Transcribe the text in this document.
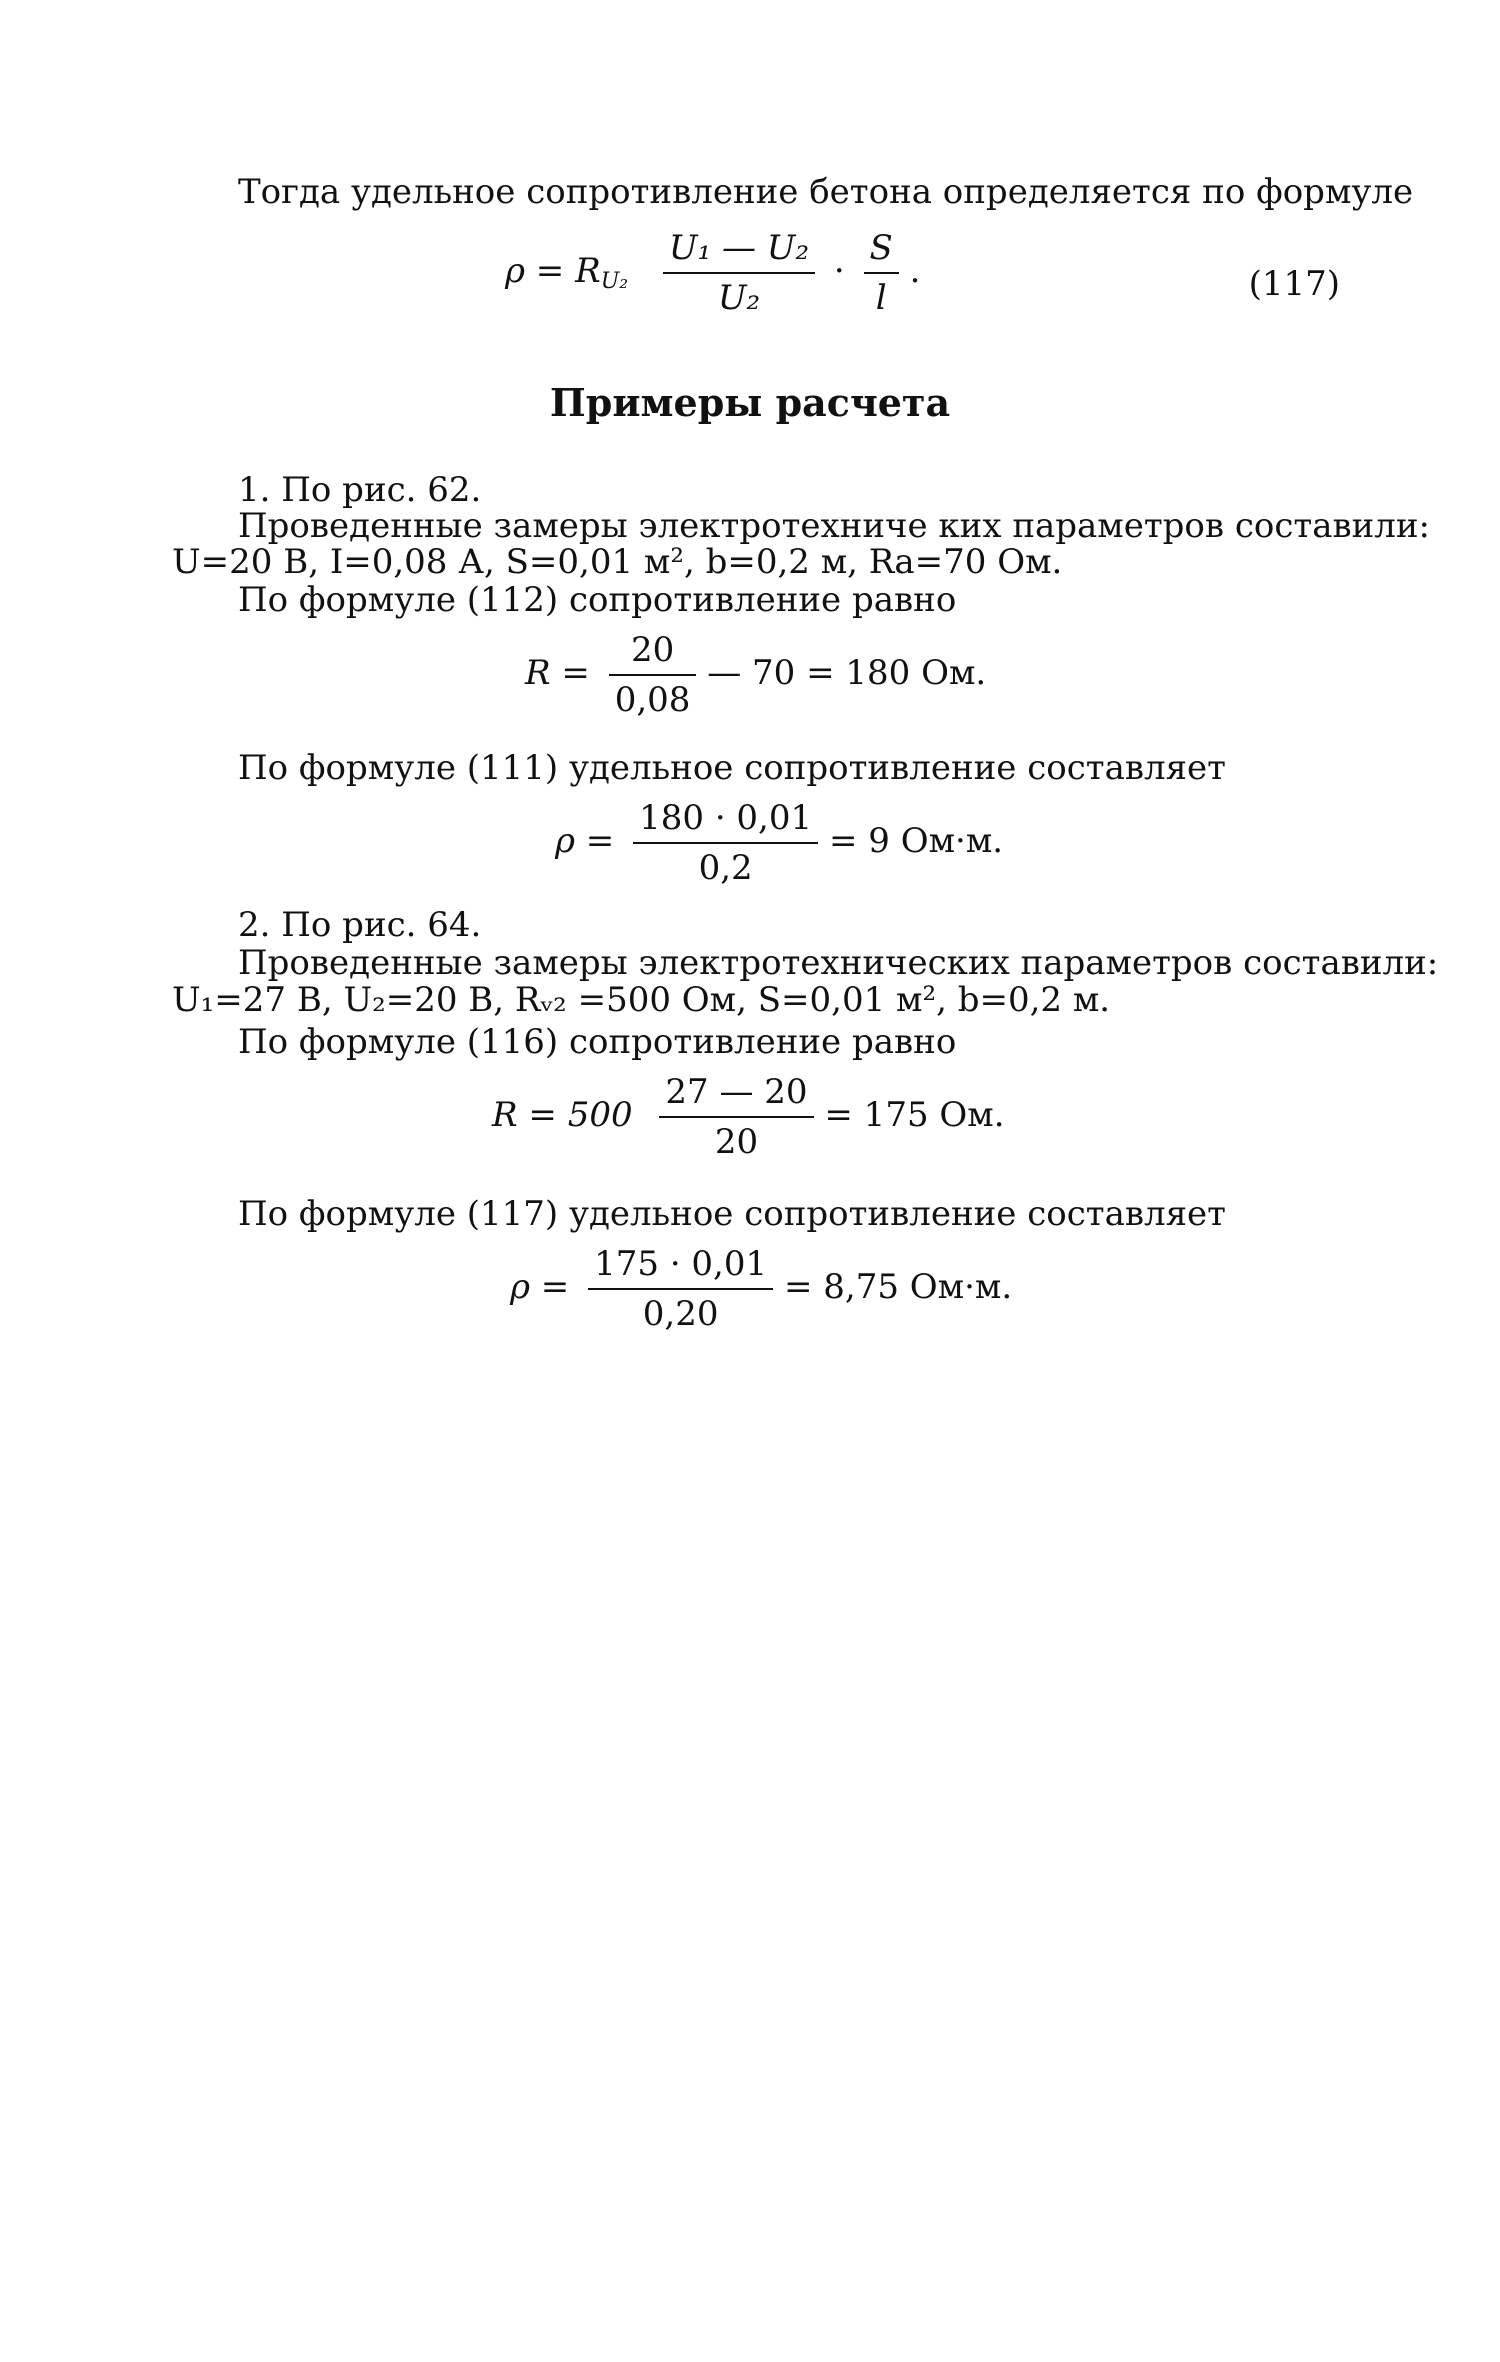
Тогда удельное сопротивление бетона определяется по формуле
$\rho = R_{U_2} \frac{\text{U₁ — U₂}}{\text{U₂}} \cdot \frac{S}{l}$ .	(117)
Примеры расчета
1. По рис. 62.
Проведенные замеры электротехниче ких параметров составили:
U=20 В, I=0,08 А, S=0,01 м², b=0,2 м, Rа=70 Ом.
По формуле (112) сопротивление равно
$R = \frac{20}{0,08}$ — 70 = 180 Ом.
По формуле (111) удельное сопротивление составляет
$\rho = \frac{180 \cdot 0,01}{0,2} = 9$ Ом·м.
2. По рис. 64.
Проведенные замеры электротехнических параметров составили:
U₁=27 В, U₂=20 В, Rᵥ₂ =500 Ом, S=0,01 м², b=0,2 м.
По формуле (116) сопротивление равно
$R = 500 \frac{27 — 20}{20} = 175$ Ом.
По формуле (117) удельное сопротивление составляет
$\rho = \frac{175 \cdot 0,01}{0,20} = 8,75$ Ом·м.
